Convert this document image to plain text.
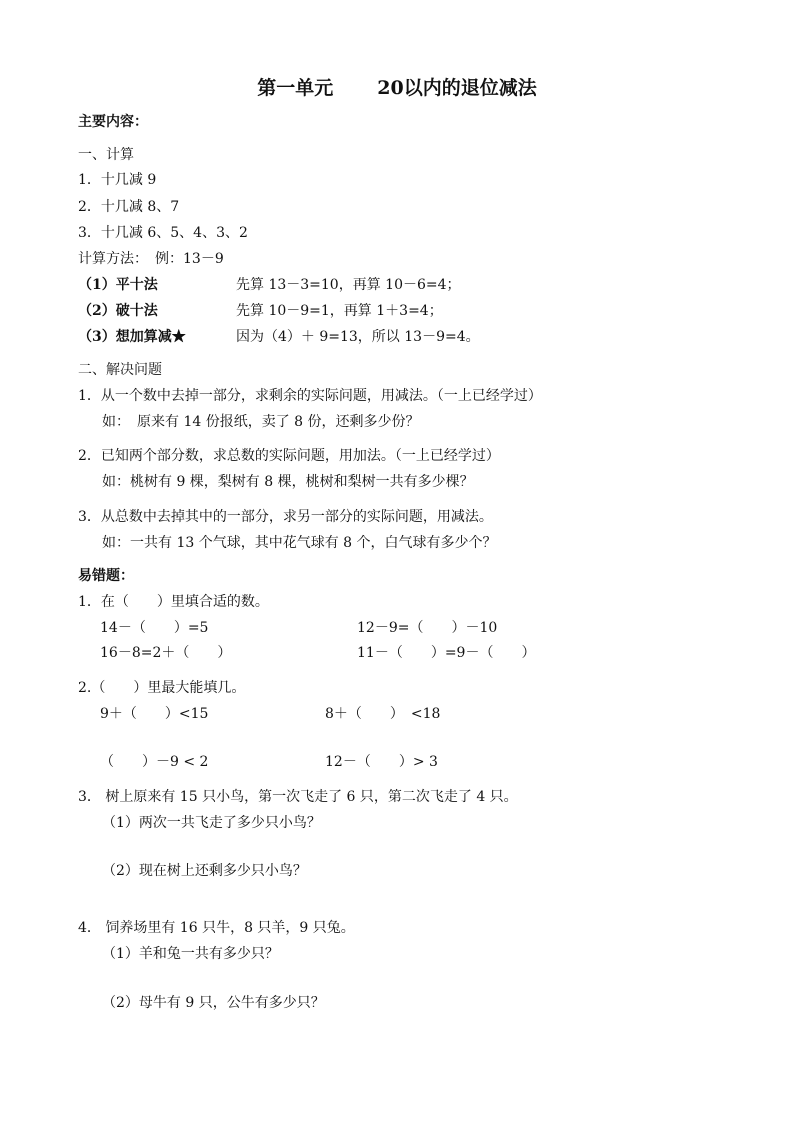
第一单元 20以内的退位减法
主要内容：
一、计算
1．十几减 9
2．十几减 8、7
3．十几减 6、5、4、3、2
计算方法：　例：13－9
（1）平十法	先算 13－3=10，再算 10－6=4；
（2）破十法	先算 10－9=1，再算 1＋3=4；
（3）想加算减★	因为（4）＋ 9=13，所以 13－9=4。
二、解决问题
1．从一个数中去掉一部分，求剩余的实际问题，用减法。（一上已经学过）
如：　原来有 14 份报纸，卖了 8 份，还剩多少份？
2．已知两个部分数，求总数的实际问题，用加法。（一上已经学过）
如：桃树有 9 棵，梨树有 8 棵，桃树和梨树一共有多少棵？
3．从总数中去掉其中的一部分，求另一部分的实际问题，用减法。
如：一共有 13 个气球，其中花气球有 8 个，白气球有多少个？
易错题：
1．在（　　）里填合适的数。
14－（　　）=5	12－9=（　　）－10
16－8=2＋（　　）	11－（　　）=9－（　　）
2.（　　）里最大能填几。
9＋（　　）<15	8＋（　　）　<18
（　　）－9 < 2	12－（　　）> 3
3． 树上原来有 15 只小鸟，第一次飞走了 6 只，第二次飞走了 4 只。
（1）两次一共飞走了多少只小鸟？
（2）现在树上还剩多少只小鸟？
4． 饲养场里有 16 只牛，8 只羊，9 只兔。
（1）羊和兔一共有多少只？
（2）母牛有 9 只，公牛有多少只？
